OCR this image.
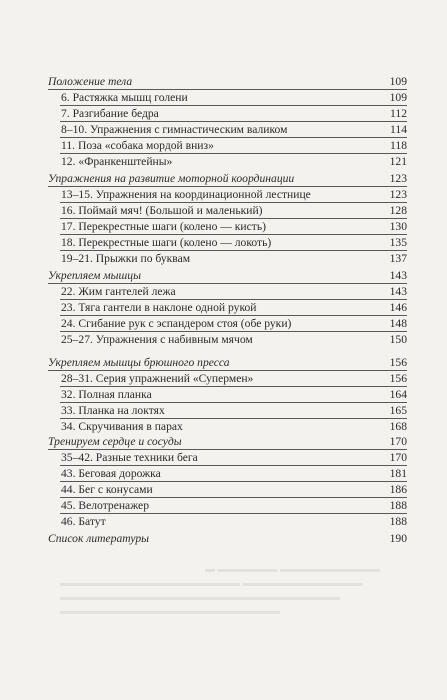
▬ ▬▬▬▬▬▬ ▬▬▬▬▬▬▬▬▬▬
▬▬▬▬▬▬▬▬▬▬▬▬▬▬▬▬▬▬ ▬▬▬▬▬▬▬▬▬▬▬▬
▬▬▬▬▬▬▬▬▬▬▬▬▬▬▬▬▬▬▬▬▬▬▬▬▬▬▬▬
▬▬▬▬▬▬▬▬▬▬▬▬▬▬▬▬▬▬▬▬▬▬
Положение тела	109
6. Растяжка мышц голени	109
7. Разгибание бедра	112
8–10. Упражнения с гимнастическим валиком	114
11. Поза «собака мордой вниз»	118
12. «Франкенштейны»	121
Упражнения на развитие моторной координации	123
13–15. Упражнения на координационной лестнице	123
16. Поймай мяч! (Большой и маленький)	128
17. Перекрестные шаги (колено — кисть)	130
18. Перекрестные шаги (колено — локоть)	135
19–21. Прыжки по буквам	137
Укрепляем мышцы	143
22. Жим гантелей лежа	143
23. Тяга гантели в наклоне одной рукой	146
24. Сгибание рук с эспандером стоя (обе руки)	148
25–27. Упражнения с набивным мячом	150
Укрепляем мышцы брюшного пресса	156
28–31. Серия упражнений «Супермен»	156
32. Полная планка	164
33. Планка на локтях	165
34. Скручивания в парах	168
Тренируем сердце и сосуды	170
35–42. Разные техники бега	170
43. Беговая дорожка	181
44. Бег с конусами	186
45. Велотренажер	188
46. Батут	188
Список литературы	190
